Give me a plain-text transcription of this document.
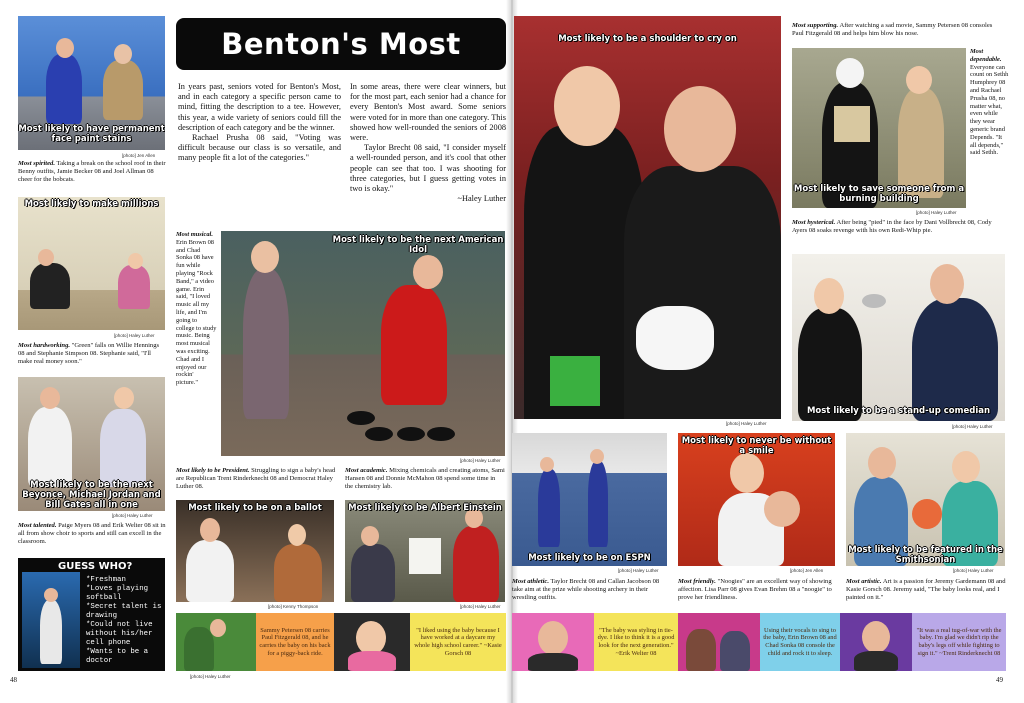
Most likely to have permanent face paint stains
[photo] Jen Allen
Most spirited. Taking a break on the school roof in their Benny outfits, Jamie Becker 08 and Joel Allman 08 cheer for the bobcats.
Most likely to make millions
[photo] Haley Luther
Most hardworking. "Green" falls on Willie Hennings 08 and Stephanie Simpson 08. Stephanie said, "I'll make real money soon."
Most likely to be the next Beyonce, Michael Jordan and Bill Gates all in one
[photo] Haley Luther
Most talented. Paige Myers 08 and Erik Welter 08 sit in all from show choir to sports and still can excell in the classroom.
GUESS WHO?
*Freshman
*Loves playing softball
*Secret talent is drawing
*Could not live without his/her cell phone
*Wants to be a doctor
48
Benton's Most

In years past, seniors voted for Benton's Most, and in each category a specific person came to mind, fitting the description to a tee. However, this year, a wide variety of seniors could fill the description of each category and be the winner.

Rachael Prusha 08 said, "Voting was difficult because our class is so versatile, and many people fit a lot of the categories."

In some areas, there were clear winners, but for the most part, each senior had a chance for every Benton's Most award. Some seniors were voted for in more than one category. This showed how well-rounded the seniors of 2008 were.

Taylor Brecht 08 said, "I consider myself a well-rounded person, and it's cool that other people can see that too. I was shooting for three categories, but I guess getting votes in two is okay."

~Haley Luther

Most likely to be the next American Idol
[photo] Haley Luther
Most musical. Erin Brown 08 and Chad Sonka 08 have fun while playing "Rock Band," a video game. Erin said, "I loved music all my life, and I'm going to college to study music. Being most musical was exciting. Chad and I enjoyed our rockin' picture."
Most likely to be President. Struggling to sign a baby's head are Republican Trent Rinderknecht 08 and Democrat Haley Luther 08.
Most academic. Mixing chemicals and creating atoms, Sami Hansen 08 and Donnie McMahon 08 spend some time in the chemistry lab.
Most likely to be on a ballot
[photo] Kenny Thompson
Most likely to be Albert Einstein
[photo] Haley Luther
Sammy Petersen 08 carries Paul Fitzgerald 08, and he carries the baby on his back for a piggy-back ride.
"I liked using the baby because I have worked at a daycare my whole high school career." ~Kasie Gorsch 08
[photo] Haley Luther
Most likely to be a shoulder to cry on
[photo] Haley Luther
Most supporting. After watching a sad movie, Sammy Petersen 08 consoles Paul Fitzgerald 08 and helps him blow his nose.
Most likely to save someone from a burning building
[photo] Haley Luther
Most dependable. Everyone can count on Sethh Humphrey 08 and Rachael Prusha 08, no matter what, even while they wear generic brand Depends. "It all depends," said Sethh.
Most hysterical. After being "pied" in the face by Dani Vollbrecht 08, Cody Ayers 08 soaks revenge with his own Redi-Whip pie.
Most likely to be a stand-up comedian
[photo] Haley Luther
Most likely to be on ESPN
[photo] Haley Luther
Most athletic. Taylor Brecht 08 and Callan Jacobson 08 take aim at the prize while shooting archery in their wrestling outfits.
Most likely to never be without a smile
[photo] Jen Allen
Most friendly. "Noogies" are an excellent way of showing affection. Lisa Parr 08 gives Evan Brehm 08 a "noogie" to prove her friendliness.
Most likely to be featured in the Smithsonian
[photo] Haley Luther
Most artistic. Art is a passion for Jeremy Gardemann 08 and Kasie Gorsch 08. Jeremy said, "The baby looks real, and I painted on it."
"The baby was styling in tie-dye. I like to think it is a good look for the next generation." ~Erik Welter 08
Using their vocals to sing to the baby, Erin Brown 08 and Chad Sonka 08 console the child and rock it to sleep.
"It was a real tug-of-war with the baby. I'm glad we didn't rip the baby's legs off while fighting to sign it." ~Trent Rinderknecht 08
49
